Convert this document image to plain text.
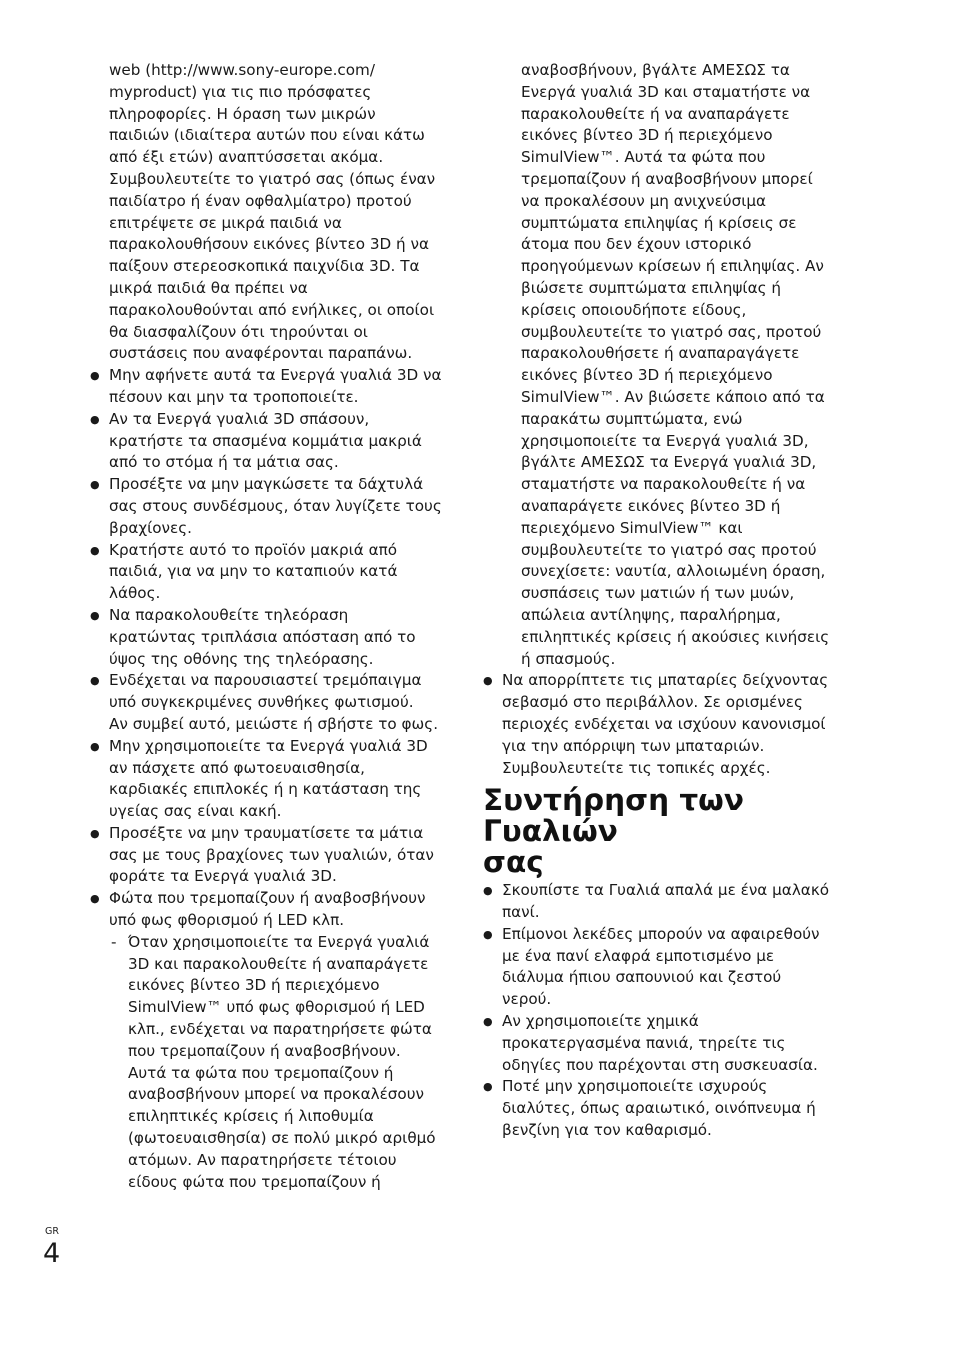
web (http://www.sony-europe.com/
myproduct) για τις πιο πρόσφατες
πληροφορίες. Η όραση των μικρών
παιδιών (ιδιαίτερα αυτών που είναι κάτω
από έξι ετών) αναπτύσσεται ακόμα.
Συμβουλευτείτε το γιατρό σας (όπως έναν
παιδίατρο ή έναν οφθαλμίατρο) προτού
επιτρέψετε σε μικρά παιδιά να
παρακολουθήσουν εικόνες βίντεο 3D ή να
παίξουν στερεοσκοπικά παιχνίδια 3D. Τα
μικρά παιδιά θα πρέπει να
παρακολουθούνται από ενήλικες, οι οποίοι
θα διασφαλίζουν ότι τηρούνται οι
συστάσεις που αναφέρονται παραπάνω.
● Μην αφήνετε αυτά τα Ενεργά γυαλιά 3D να
πέσουν και μην τα τροποποιείτε.
● Αν τα Ενεργά γυαλιά 3D σπάσουν,
κρατήστε τα σπασμένα κομμάτια μακριά
από το στόμα ή τα μάτια σας.
● Προσέξτε να μην μαγκώσετε τα δάχτυλά
σας στους συνδέσμους, όταν λυγίζετε τους
βραχίονες.
● Κρατήστε αυτό το προϊόν μακριά από
παιδιά, για να μην το καταπιούν κατά
λάθος.
● Να παρακολουθείτε τηλεόραση
κρατώντας τριπλάσια απόσταση από το
ύψος της οθόνης της τηλεόρασης.
● Ενδέχεται να παρουσιαστεί τρεμόπαιγμα
υπό συγκεκριμένες συνθήκες φωτισμού.
Αν συμβεί αυτό, μειώστε ή σβήστε το φως.
● Μην χρησιμοποιείτε τα Ενεργά γυαλιά 3D
αν πάσχετε από φωτοευαισθησία,
καρδιακές επιπλοκές ή η κατάσταση της
υγείας σας είναι κακή.
● Προσέξτε να μην τραυματίσετε τα μάτια
σας με τους βραχίονες των γυαλιών, όταν
φοράτε τα Ενεργά γυαλιά 3D.
● Φώτα που τρεμοπαίζουν ή αναβοσβήνουν
υπό φως φθορισμού ή LED κλπ.
- Όταν χρησιμοποιείτε τα Ενεργά γυαλιά
3D και παρακολουθείτε ή αναπαράγετε
εικόνες βίντεο 3D ή περιεχόμενο
SimulView™ υπό φως φθορισμού ή LED
κλπ., ενδέχεται να παρατηρήσετε φώτα
που τρεμοπαίζουν ή αναβοσβήνουν.
Αυτά τα φώτα που τρεμοπαίζουν ή
αναβοσβήνουν μπορεί να προκαλέσουν
επιληπτικές κρίσεις ή λιποθυμία
(φωτοευαισθησία) σε πολύ μικρό αριθμό
ατόμων. Αν παρατηρήσετε τέτοιου
είδους φώτα που τρεμοπαίζουν ή
αναβοσβήνουν, βγάλτε ΑΜΕΣΩΣ τα
Ενεργά γυαλιά 3D και σταματήστε να
παρακολουθείτε ή να αναπαράγετε
εικόνες βίντεο 3D ή περιεχόμενο
SimulView™. Αυτά τα φώτα που
τρεμοπαίζουν ή αναβοσβήνουν μπορεί
να προκαλέσουν μη ανιχνεύσιμα
συμπτώματα επιληψίας ή κρίσεις σε
άτομα που δεν έχουν ιστορικό
προηγούμενων κρίσεων ή επιληψίας. Αν
βιώσετε συμπτώματα επιληψίας ή
κρίσεις οποιουδήποτε είδους,
συμβουλευτείτε το γιατρό σας, προτού
παρακολουθήσετε ή αναπαραγάγετε
εικόνες βίντεο 3D ή περιεχόμενο
SimulView™. Αν βιώσετε κάποιο από τα
παρακάτω συμπτώματα, ενώ
χρησιμοποιείτε τα Ενεργά γυαλιά 3D,
βγάλτε ΑΜΕΣΩΣ τα Ενεργά γυαλιά 3D,
σταματήστε να παρακολουθείτε ή να
αναπαράγετε εικόνες βίντεο 3D ή
περιεχόμενο SimulView™ και
συμβουλευτείτε το γιατρό σας προτού
συνεχίσετε: ναυτία, αλλοιωμένη όραση,
συσπάσεις των ματιών ή των μυών,
απώλεια αντίληψης, παραλήρημα,
επιληπτικές κρίσεις ή ακούσιες κινήσεις
ή σπασμούς.
● Να απορρίπτετε τις μπαταρίες δείχνοντας
σεβασμό στο περιβάλλον. Σε ορισμένες
περιοχές ενδέχεται να ισχύουν κανονισμοί
για την απόρριψη των μπαταριών.
Συμβουλευτείτε τις τοπικές αρχές.
Συντήρηση των Γυαλιών
σας
● Σκουπίστε τα Γυαλιά απαλά με ένα μαλακό
πανί.
● Επίμονοι λεκέδες μπορούν να αφαιρεθούν
με ένα πανί ελαφρά εμποτισμένο με
διάλυμα ήπιου σαπουνιού και ζεστού
νερού.
● Αν χρησιμοποιείτε χημικά
προκατεργασμένα πανιά, τηρείτε τις
οδηγίες που παρέχονται στη συσκευασία.
● Ποτέ μην χρησιμοποιείτε ισχυρούς
διαλύτες, όπως αραιωτικό, οινόπνευμα ή
βενζίνη για τον καθαρισμό.
GR
4
